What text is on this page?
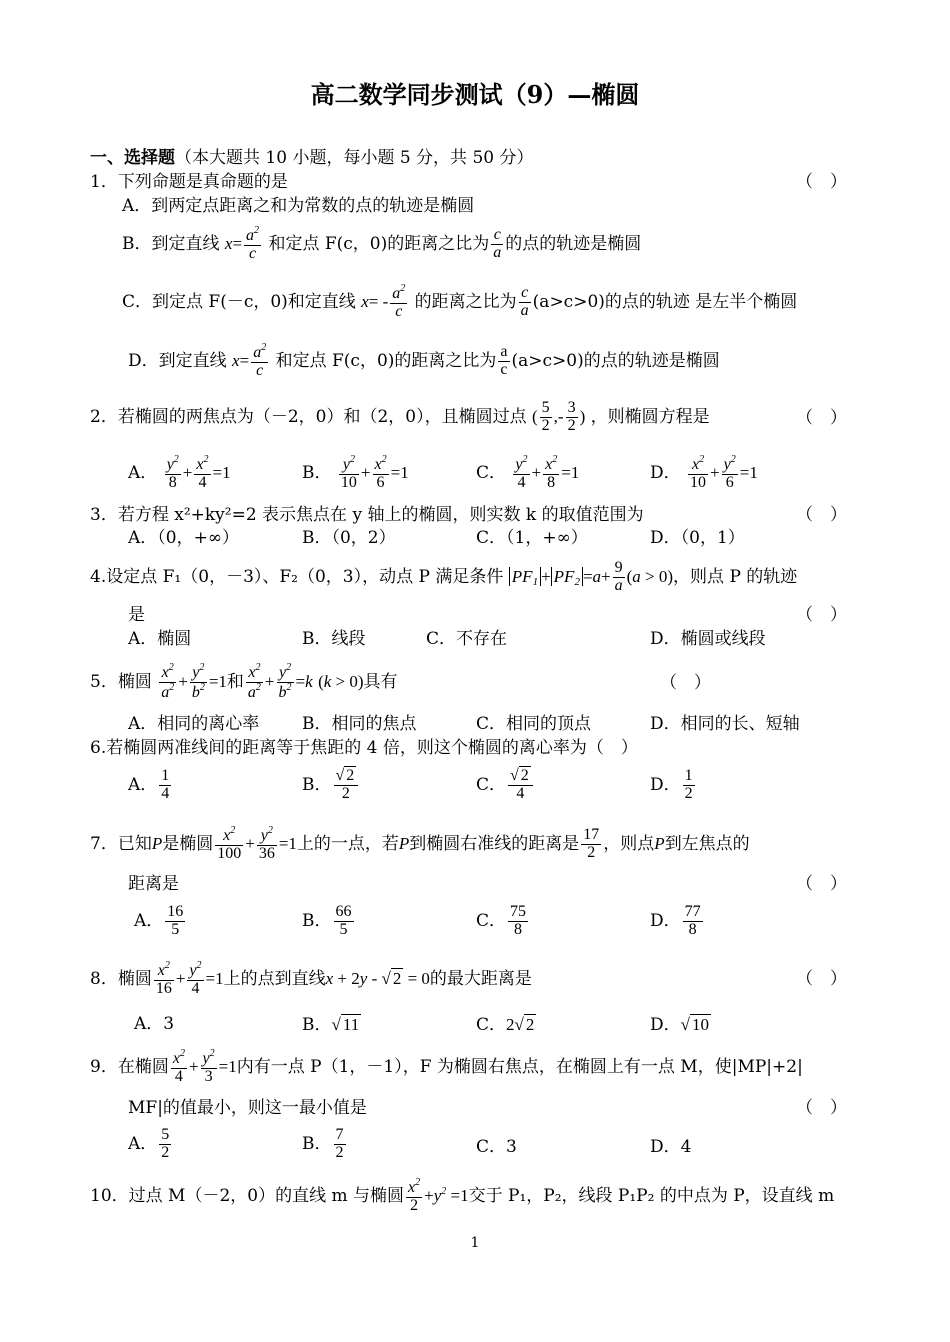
高二数学同步测试（9）—椭圆
一、选择题（本大题共 10 小题，每小题 5 分，共 50 分）
1．下列命题是真命题的是	（　）
A．到两定点距离之和为常数的点的轨迹是椭圆
B．到定直线 $x= \frac{a^2}{c}$ 和定点 F(c，0)的距离之比为 $\frac{c}{a}$ 的点的轨迹是椭圆
C．到定点 F(－c，0)和定直线 $x= - \frac{a^2}{c}$ 的距离之比为 $\frac{c}{a} (a>c>0)$的点的轨迹 是左半个椭圆
D．到定直线 $x= \frac{a^2}{c}$ 和定点 F(c，0)的距离之比为 $\frac{a}{c} (a>c>0)$的点的轨迹是椭圆
2．若椭圆的两焦点为（－2，0）和（2，0），且椭圆过点 ( $\frac{5}{2}$ ,- $\frac{3}{2}$ ) ，则椭圆方程是	（　）
A． $\frac{y^2}{8} + \frac{x^2}{4} =1$	B． $\frac{y^2}{10} + \frac{x^2}{6} =1$	C． $\frac{y^2}{4} + \frac{x^2}{8} =1$	D． $\frac{x^2}{10} + \frac{y^2}{6} =1$
3．若方程 x²+ky²=2 表示焦点在 y 轴上的椭圆，则实数 k 的取值范围为	（　）
A．（0，+∞）	B．（0，2）	C．（1，+∞）	D．（0，1）
4.设定点 F₁（0，－3）、F₂（0，3），动点 P 满足条件 $PF_1 + PF_2 =a+ \frac{9}{a} (a > 0)$，则点 P 的轨迹
是	（　）
A．椭圆	B．线段	C．不存在	D．椭圆或线段
5．椭圆 $\frac{x^2}{a^2} + \frac{y^2}{b^2} =1$和 $\frac{x^2}{a^2} + \frac{y^2}{b^2} =k$ (k > 0)具有	（　）
A．相同的离心率	B．相同的焦点	C．相同的顶点	D．相同的长、短轴
6.若椭圆两准线间的距离等于焦距的 4 倍，则这个椭圆的离心率为（　）
A． $\frac{1}{4}$	B． $\frac{√ 2}{2}$	C． $\frac{√ 2}{4}$	D． $\frac{1}{2}$
7．已知P是椭圆 $\frac{x^2}{100} + \frac{y^2}{36} =1$上的一点，若P到椭圆右准线的距离是 $\frac{17}{2}$ ，则点P到左焦点的
距离是	（　）
A． $\frac{16}{5}$	B． $\frac{66}{5}$	C． $\frac{75}{8}$	D． $\frac{77}{8}$
8．椭圆 $\frac{x^2}{16} + \frac{y^2}{4} =1$上的点到直线x + 2y - √ 2 = 0的最大距离是	（　）
A．3	B．√ 11	C．2√ 2	D．√ 10
9．在椭圆 $\frac{x^2}{4} + \frac{y^2}{3} =1$内有一点 P（1，－1），F 为椭圆右焦点，在椭圆上有一点 M，使|MP|+2|
MF|的值最小，则这一最小值是	（　）
A． $\frac{5}{2}$	B． $\frac{7}{2}$	C．3	D．4
10．过点 M（－2，0）的直线 m 与椭圆 $\frac{x^2}{2} +y^2 =1$交于 P₁，P₂，线段 P₁P₂ 的中点为 P，设直线 m
1
